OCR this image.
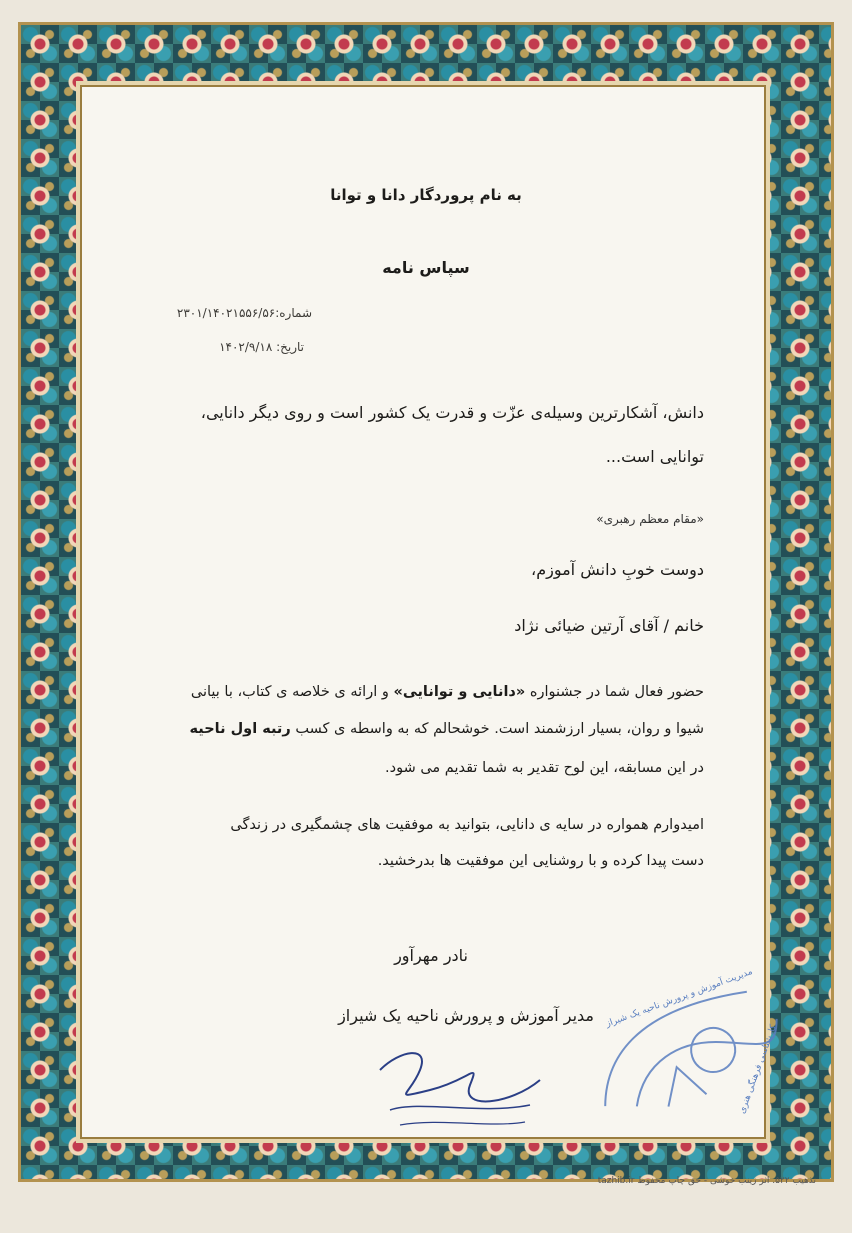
به نام پروردگار دانا و توانا
سپاس نامه
شماره:۲۳۰۱/۱۴۰۲۱۵۵۶/۵۶
تاریخ: ۱۴۰۲/۹/۱۸
دانش، آشکارترین وسیله‌ی عزّت و قدرت یک کشور است و روی دیگر دانایی،
توانایی است...
«مقام معظم رهبری»
دوست خوبِ دانش آموزم،
خانم / آقای آرتین ضیائی نژاد
حضور فعال شما در جشنواره «دانایی و توانایی» و ارائه ی خلاصه ی کتاب، با بیانی
شیوا و روان، بسیار ارزشمند است. خوشحالم که به واسطه ی کسب رتبه اول ناحیه
در این مسابقه، این لوح تقدیر به شما تقدیم می شود.
امیدوارم همواره در سایه ی دانایی، بتوانید به موفقیت های چشمگیری در زندگی
دست پیدا کرده و با روشنایی این موفقیت ها بدرخشید.
نادر مهرآور
مدیر آموزش و پرورش ناحیه یک شیراز مدیریت آموزش و پرورش ناحیه یک شیراز
کارشناسی فرهنگی هنری
تذهیب ۵۲۲. اثر زینب خوشی - حق چاپ محفوظ tazhib.ir
